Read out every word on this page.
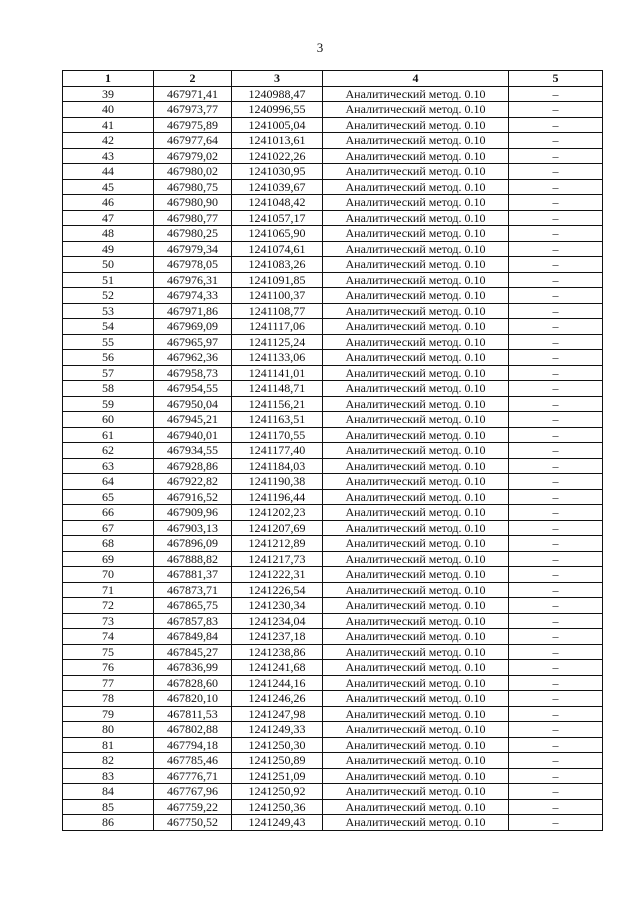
3
1	2	3	4	5
39	467971,41	1240988,47	Аналитический метод. 0.10	–
40	467973,77	1240996,55	Аналитический метод. 0.10	–
41	467975,89	1241005,04	Аналитический метод. 0.10	–
42	467977,64	1241013,61	Аналитический метод. 0.10	–
43	467979,02	1241022,26	Аналитический метод. 0.10	–
44	467980,02	1241030,95	Аналитический метод. 0.10	–
45	467980,75	1241039,67	Аналитический метод. 0.10	–
46	467980,90	1241048,42	Аналитический метод. 0.10	–
47	467980,77	1241057,17	Аналитический метод. 0.10	–
48	467980,25	1241065,90	Аналитический метод. 0.10	–
49	467979,34	1241074,61	Аналитический метод. 0.10	–
50	467978,05	1241083,26	Аналитический метод. 0.10	–
51	467976,31	1241091,85	Аналитический метод. 0.10	–
52	467974,33	1241100,37	Аналитический метод. 0.10	–
53	467971,86	1241108,77	Аналитический метод. 0.10	–
54	467969,09	1241117,06	Аналитический метод. 0.10	–
55	467965,97	1241125,24	Аналитический метод. 0.10	–
56	467962,36	1241133,06	Аналитический метод. 0.10	–
57	467958,73	1241141,01	Аналитический метод. 0.10	–
58	467954,55	1241148,71	Аналитический метод. 0.10	–
59	467950,04	1241156,21	Аналитический метод. 0.10	–
60	467945,21	1241163,51	Аналитический метод. 0.10	–
61	467940,01	1241170,55	Аналитический метод. 0.10	–
62	467934,55	1241177,40	Аналитический метод. 0.10	–
63	467928,86	1241184,03	Аналитический метод. 0.10	–
64	467922,82	1241190,38	Аналитический метод. 0.10	–
65	467916,52	1241196,44	Аналитический метод. 0.10	–
66	467909,96	1241202,23	Аналитический метод. 0.10	–
67	467903,13	1241207,69	Аналитический метод. 0.10	–
68	467896,09	1241212,89	Аналитический метод. 0.10	–
69	467888,82	1241217,73	Аналитический метод. 0.10	–
70	467881,37	1241222,31	Аналитический метод. 0.10	–
71	467873,71	1241226,54	Аналитический метод. 0.10	–
72	467865,75	1241230,34	Аналитический метод. 0.10	–
73	467857,83	1241234,04	Аналитический метод. 0.10	–
74	467849,84	1241237,18	Аналитический метод. 0.10	–
75	467845,27	1241238,86	Аналитический метод. 0.10	–
76	467836,99	1241241,68	Аналитический метод. 0.10	–
77	467828,60	1241244,16	Аналитический метод. 0.10	–
78	467820,10	1241246,26	Аналитический метод. 0.10	–
79	467811,53	1241247,98	Аналитический метод. 0.10	–
80	467802,88	1241249,33	Аналитический метод. 0.10	–
81	467794,18	1241250,30	Аналитический метод. 0.10	–
82	467785,46	1241250,89	Аналитический метод. 0.10	–
83	467776,71	1241251,09	Аналитический метод. 0.10	–
84	467767,96	1241250,92	Аналитический метод. 0.10	–
85	467759,22	1241250,36	Аналитический метод. 0.10	–
86	467750,52	1241249,43	Аналитический метод. 0.10	–
